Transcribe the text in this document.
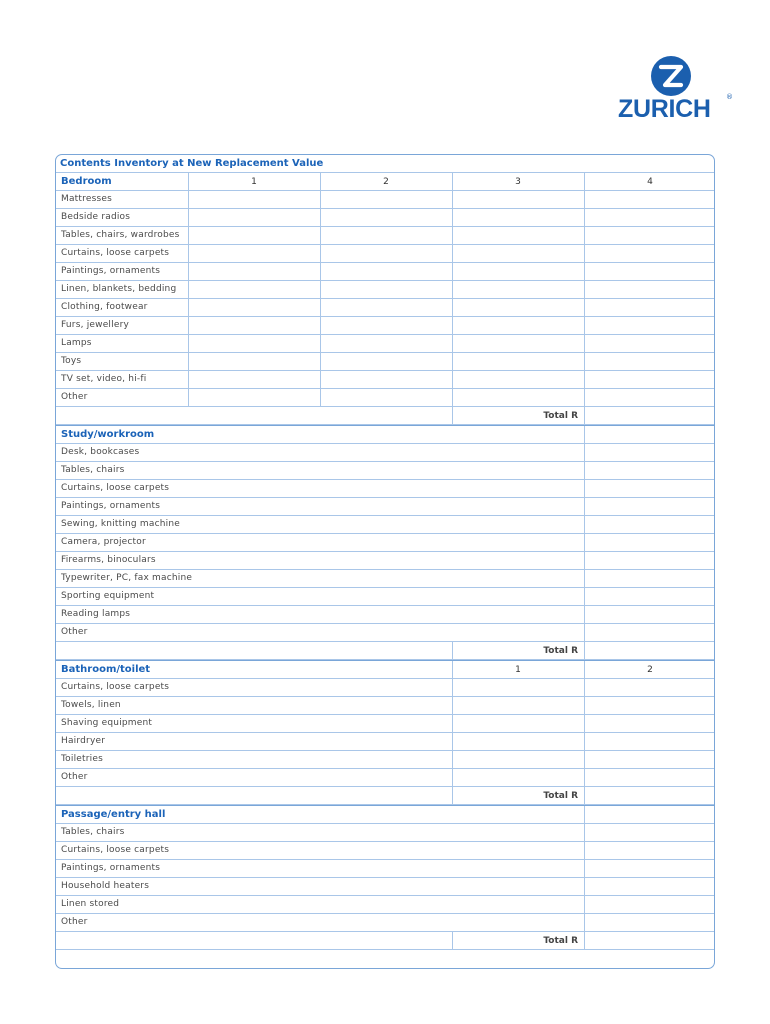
ZURICH ®
Contents Inventory at New Replacement Value
Bedroom	1	2	3	4
Mattresses
Bedside radios
Tables, chairs, wardrobes
Curtains, loose carpets
Paintings, ornaments
Linen, blankets, bedding
Clothing, footwear
Furs, jewellery
Lamps
Toys
TV set, video, hi-fi
Other
Total R
Study/workroom
Desk, bookcases
Tables, chairs
Curtains, loose carpets
Paintings, ornaments
Sewing, knitting machine
Camera, projector
Firearms, binoculars
Typewriter, PC, fax machine
Sporting equipment
Reading lamps
Other
Total R
Bathroom/toilet	1	2
Curtains, loose carpets
Towels, linen
Shaving equipment
Hairdryer
Toiletries
Other
Total R
Passage/entry hall
Tables, chairs
Curtains, loose carpets
Paintings, ornaments
Household heaters
Linen stored
Other
Total R
